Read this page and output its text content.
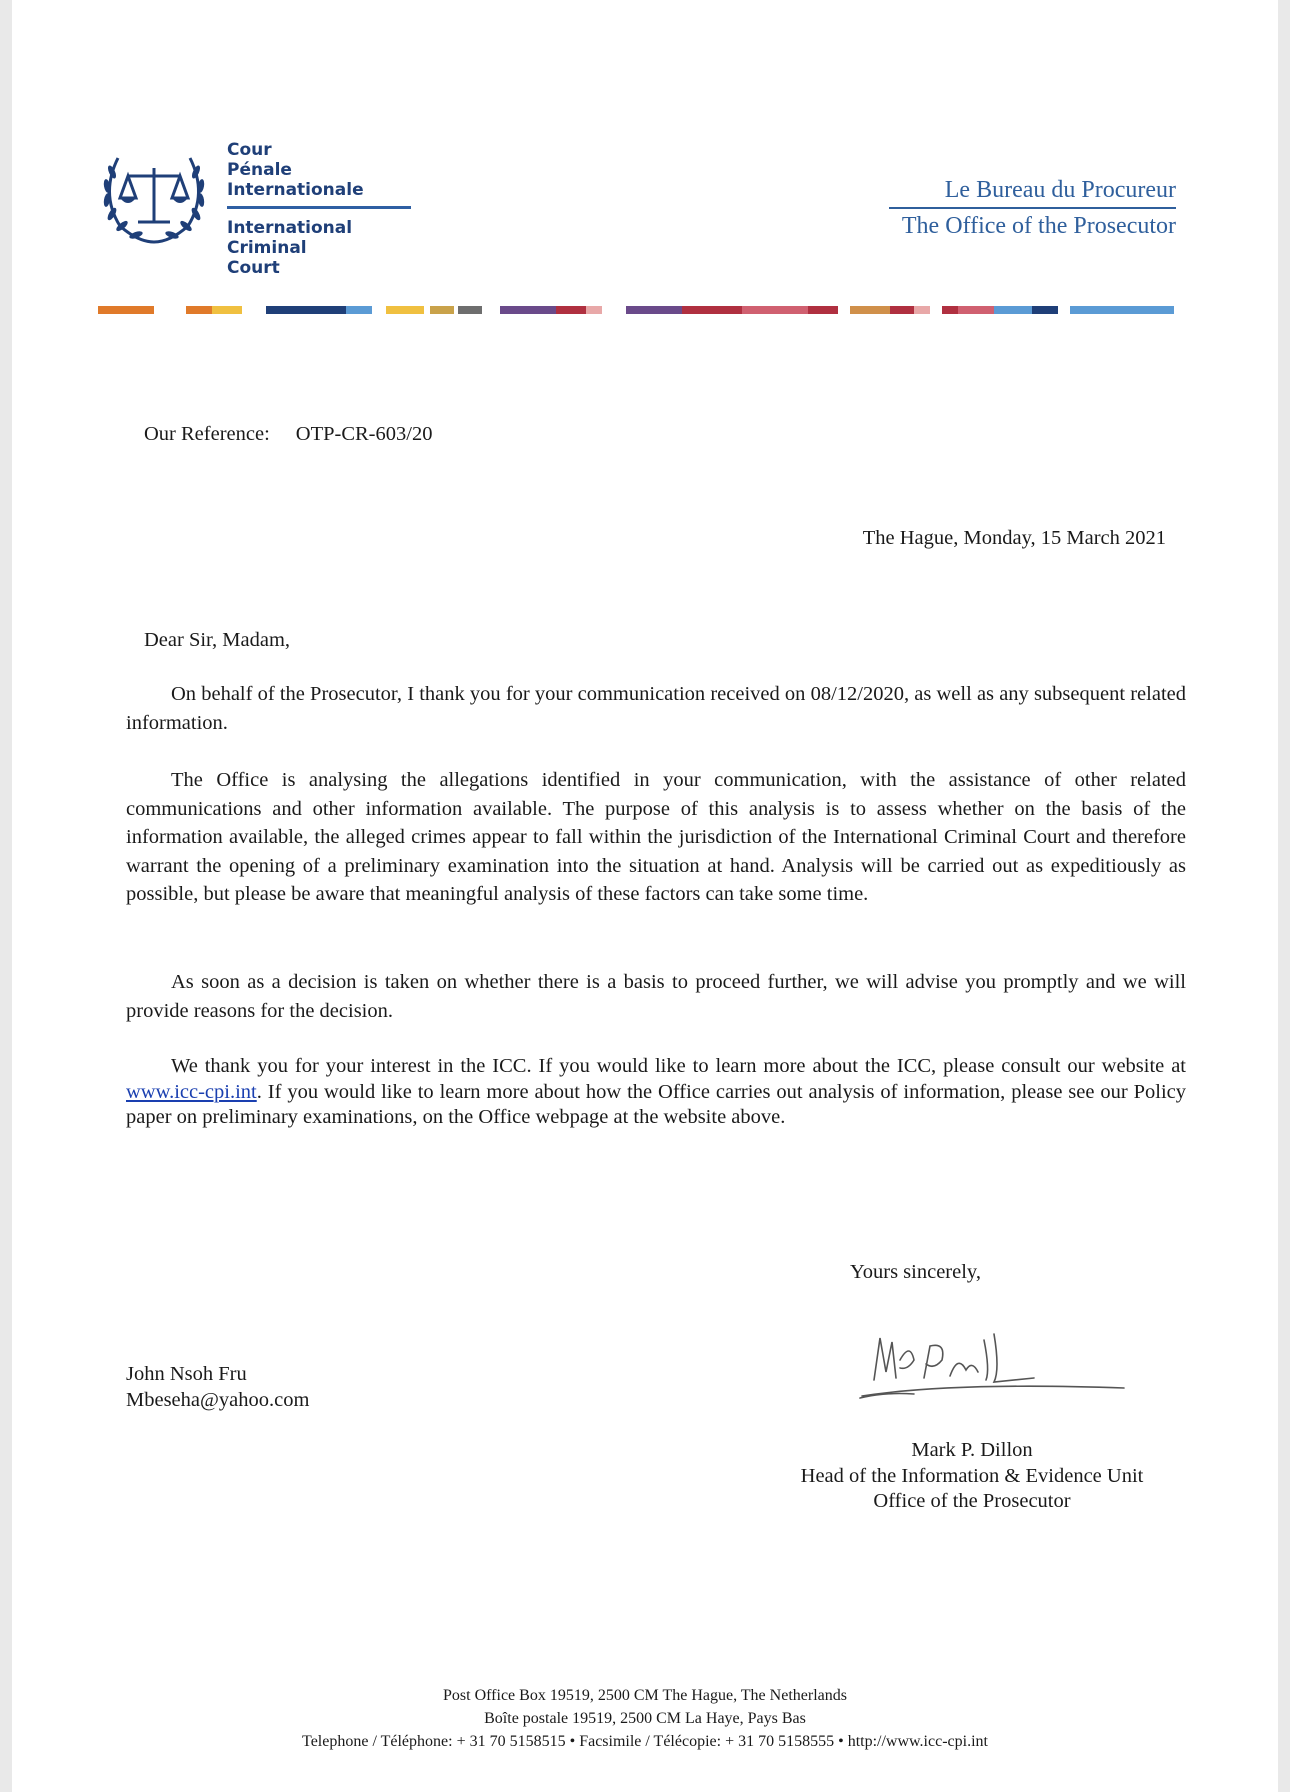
Cour
Pénale
Internationale
International
Criminal
Court
Le Bureau du Procureur
The Office of the Prosecutor
Our Reference: OTP-CR-603/20
The Hague, Monday, 15 March 2021
Dear Sir, Madam,
On behalf of the Prosecutor, I thank you for your communication received on 08/12/2020, as well as any subsequent related information.
The Office is analysing the allegations identified in your communication, with the assistance of other related communications and other information available. The purpose of this analysis is to assess whether on the basis of the information available, the alleged crimes appear to fall within the jurisdiction of the International Criminal Court and therefore warrant the opening of a preliminary examination into the situation at hand. Analysis will be carried out as expeditiously as possible, but please be aware that meaningful analysis of these factors can take some time.
As soon as a decision is taken on whether there is a basis to proceed further, we will advise you promptly and we will provide reasons for the decision.
We thank you for your interest in the ICC. If you would like to learn more about the ICC, please consult our website at www.icc-cpi.int. If you would like to learn more about how the Office carries out analysis of information, please see our Policy paper on preliminary examinations, on the Office webpage at the website above.
Yours sincerely,
John Nsoh Fru
Mbeseha@yahoo.com
Mark P. Dillon
Head of the Information & Evidence Unit
Office of the Prosecutor
Post Office Box 19519, 2500 CM The Hague, The Netherlands
Boîte postale 19519, 2500 CM La Haye, Pays Bas
Telephone / Téléphone: + 31 70 5158515 • Facsimile / Télécopie: + 31 70 5158555 • http://www.icc-cpi.int
